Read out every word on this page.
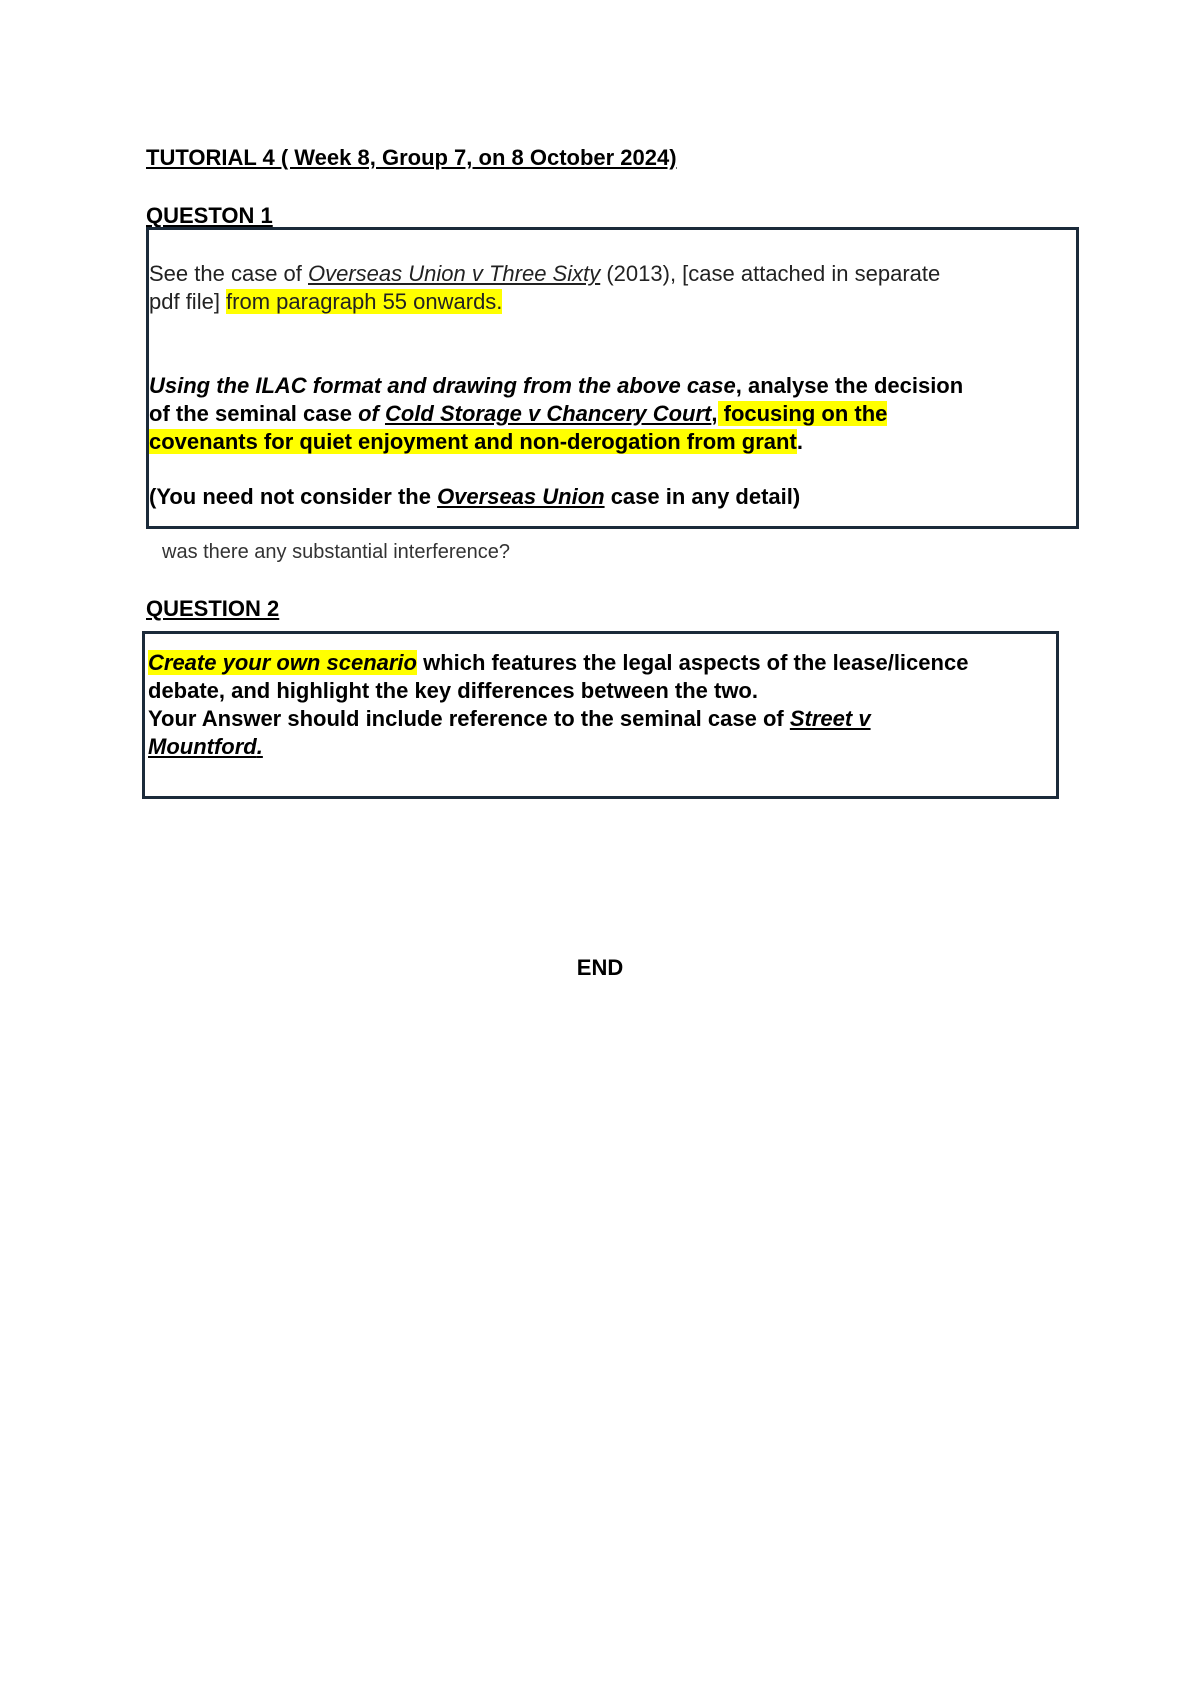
TUTORIAL 4 ( Week 8, Group 7, on 8 October 2024)
QUESTON 1
See the case of Overseas Union v Three Sixty (2013), [case attached in separate
pdf file] from paragraph 55 onwards.
Using the ILAC format and drawing from the above case, analyse the decision
of the seminal case of Cold Storage v Chancery Court, focusing on the
covenants for quiet enjoyment and non-derogation from grant.
(You need not consider the Overseas Union case in any detail)
was there any substantial interference?
QUESTION 2
Create your own scenario which features the legal aspects of the lease/licence
debate, and highlight the key differences between the two.
Your Answer should include reference to the seminal case of Street v
Mountford.
END
